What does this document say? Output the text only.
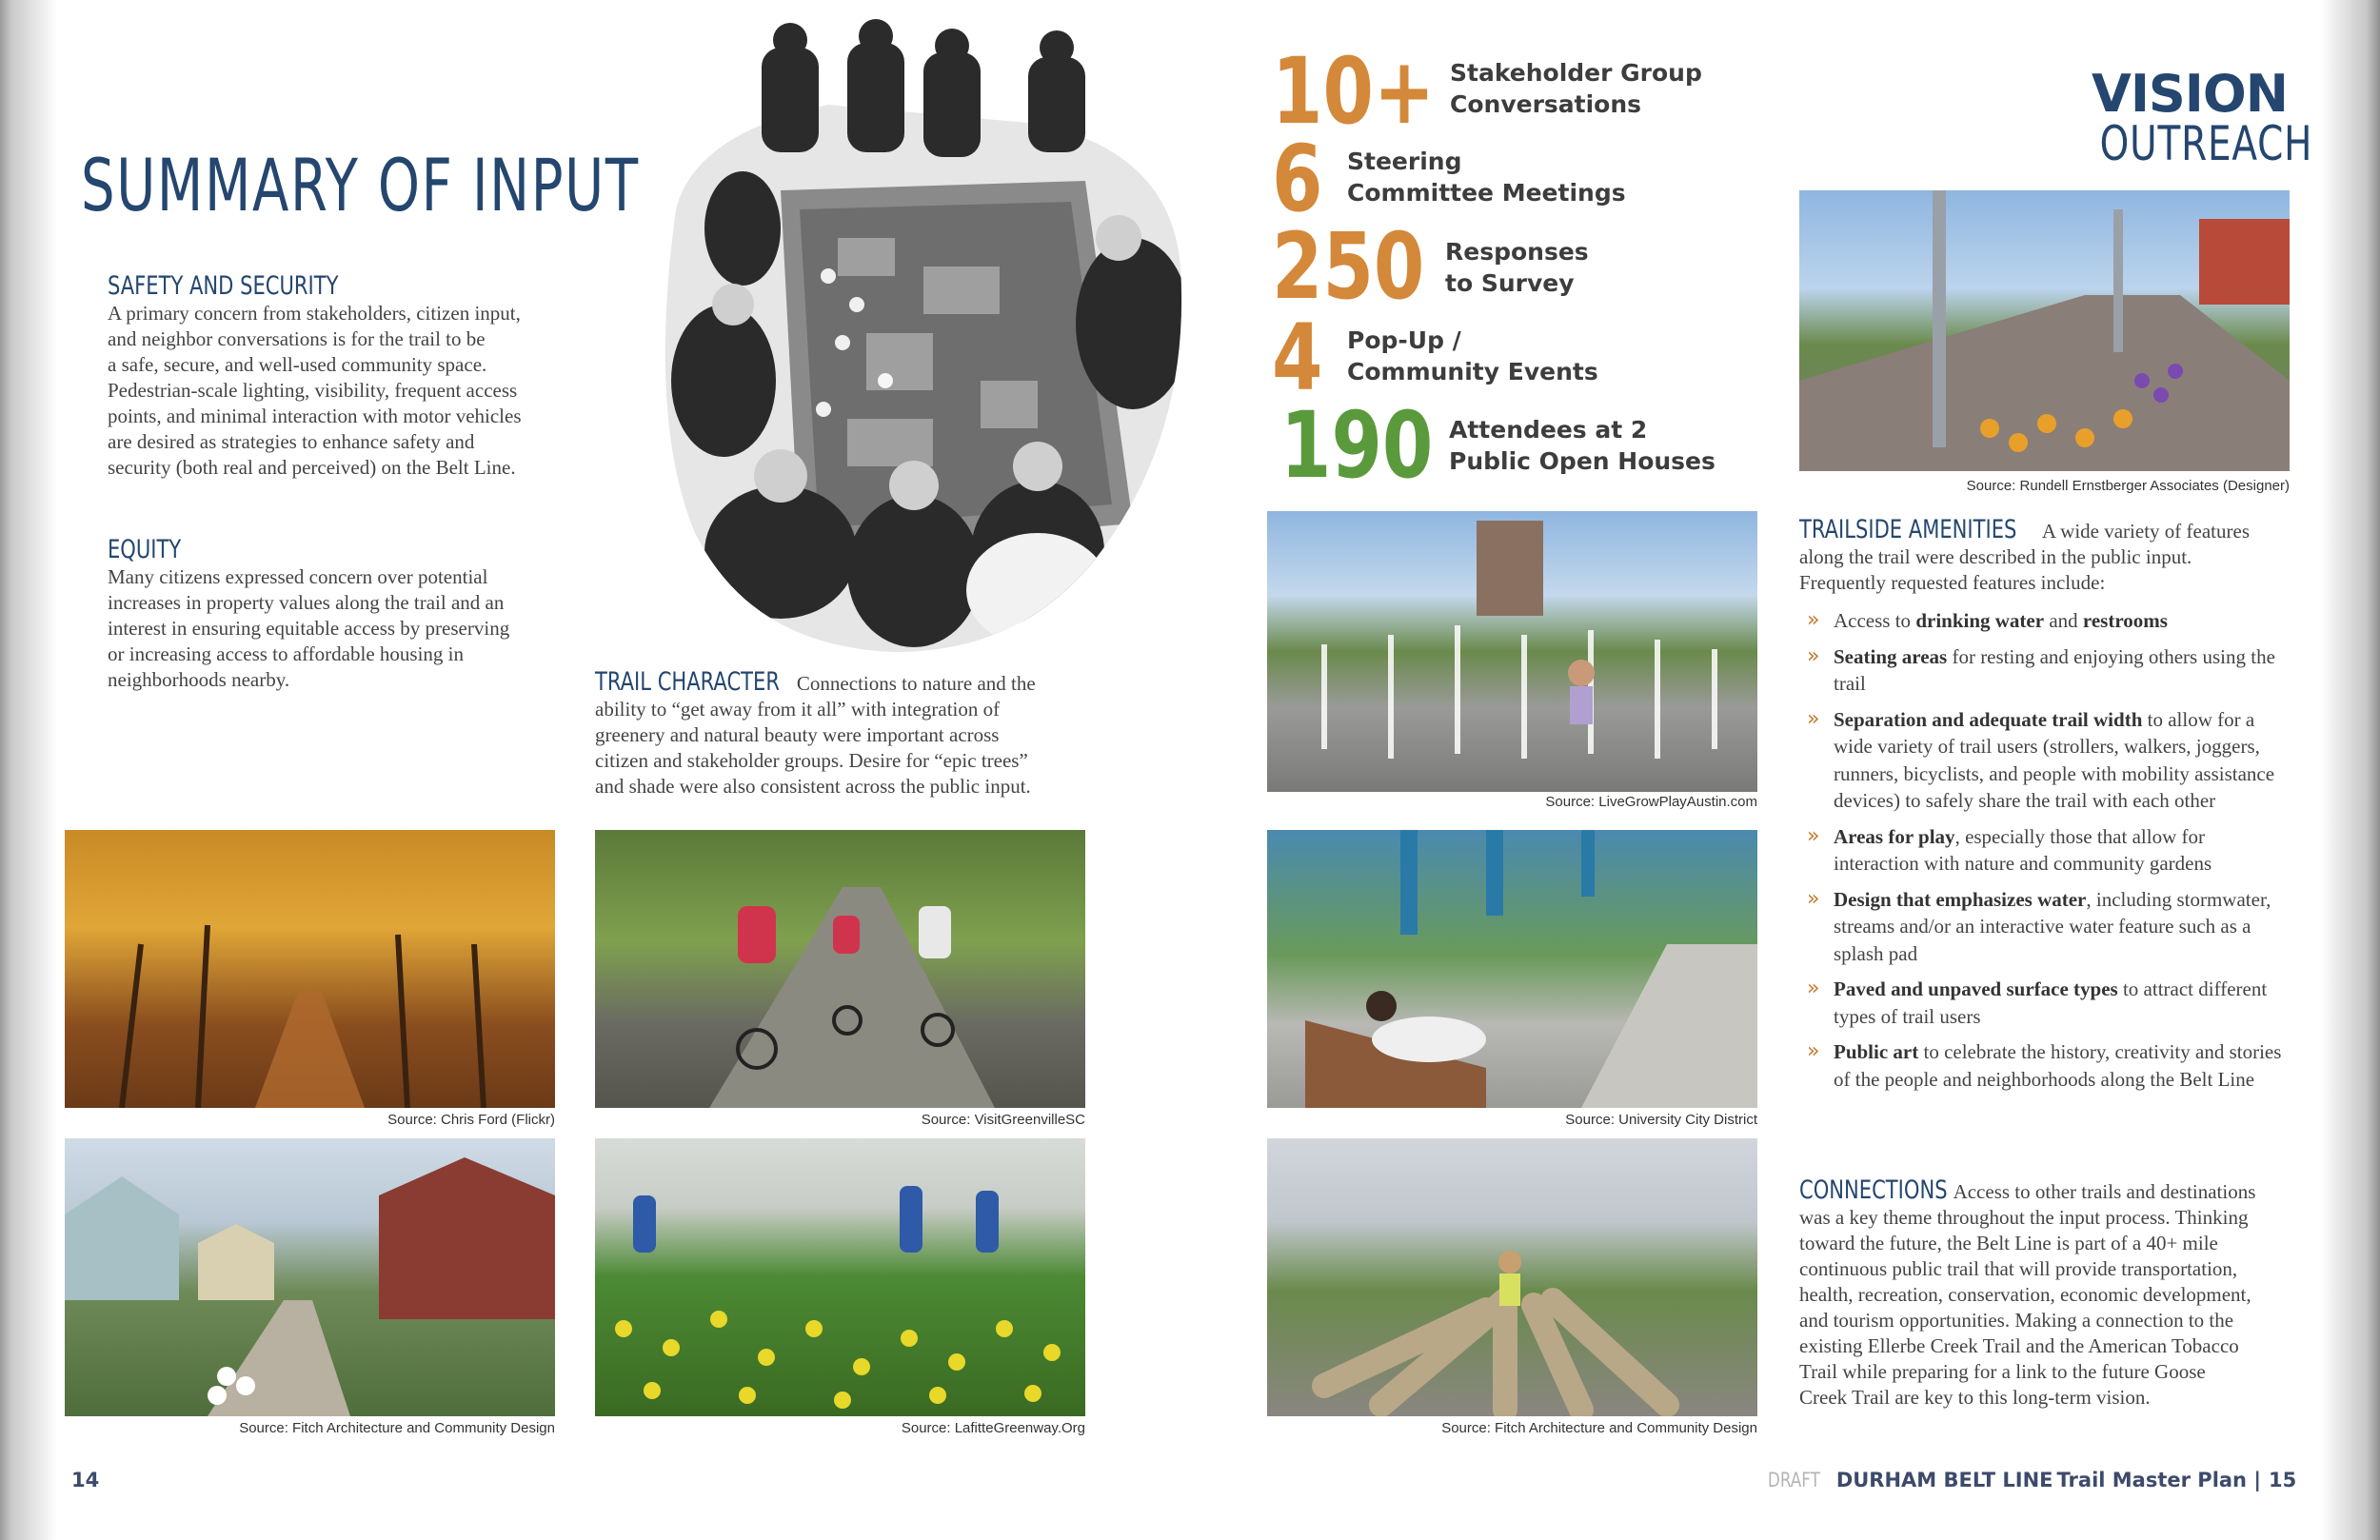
SUMMARY OF INPUT
SAFETY AND SECURITY
A primary concern from stakeholders, citizen input,
and neighbor conversations is for the trail to be
a safe, secure, and well-used community space.
Pedestrian-scale lighting, visibility, frequent access
points, and minimal interaction with motor vehicles
are desired as strategies to enhance safety and
security (both real and perceived) on the Belt Line.
EQUITY
Many citizens expressed concern over potential
increases in property values along the trail and an
interest in ensuring equitable access by preserving
or increasing access to affordable housing in
neighborhoods nearby.	TRAIL CHARACTER Connections to nature and the
ability to “get away from it all” with integration of
greenery and natural beauty were important across
citizen and stakeholder groups. Desire for “epic trees”
and shade were also consistent across the public input.
Source: Chris Ford (Flickr)	Source: VisitGreenvilleSC
Source: Fitch Architecture and Community Design	Source: LafitteGreenway.Org
14
10+ Stakeholder Group
Conversations
6 Steering
Committee Meetings
250 Responses
to Survey
4 Pop-Up /
Community Events
190 Attendees at 2
Public Open Houses
VISION
OUTREACH
Source: Rundell Ernstberger Associates (Designer)
Source: LiveGrowPlayAustin.com
Source: University City District
Source: Fitch Architecture and Community Design
TRAILSIDE AMENITIES A wide variety of features
along the trail were described in the public input.
Frequently requested features include:
» Access to drinking water and restrooms
» Seating areas for resting and enjoying others using the trail
» Separation and adequate trail width to allow for a wide variety of trail users (strollers, walkers, joggers, runners, bicyclists, and people with mobility assistance devices) to safely share the trail with each other
» Areas for play, especially those that allow for interaction with nature and community gardens
» Design that emphasizes water, including stormwater, streams and/or an interactive water feature such as a splash pad
» Paved and unpaved surface types to attract different types of trail users
» Public art to celebrate the history, creativity and stories of the people and neighborhoods along the Belt Line
CONNECTIONS Access to other trails and destinations
was a key theme throughout the input process. Thinking
toward the future, the Belt Line is part of a 40+ mile
continuous public trail that will provide transportation,
health, recreation, conservation, economic development,
and tourism opportunities. Making a connection to the
existing Ellerbe Creek Trail and the American Tobacco
Trail while preparing for a link to the future Goose
Creek Trail are key to this long-term vision.
DRAFT DURHAM BELT LINE Trail Master Plan | 15
